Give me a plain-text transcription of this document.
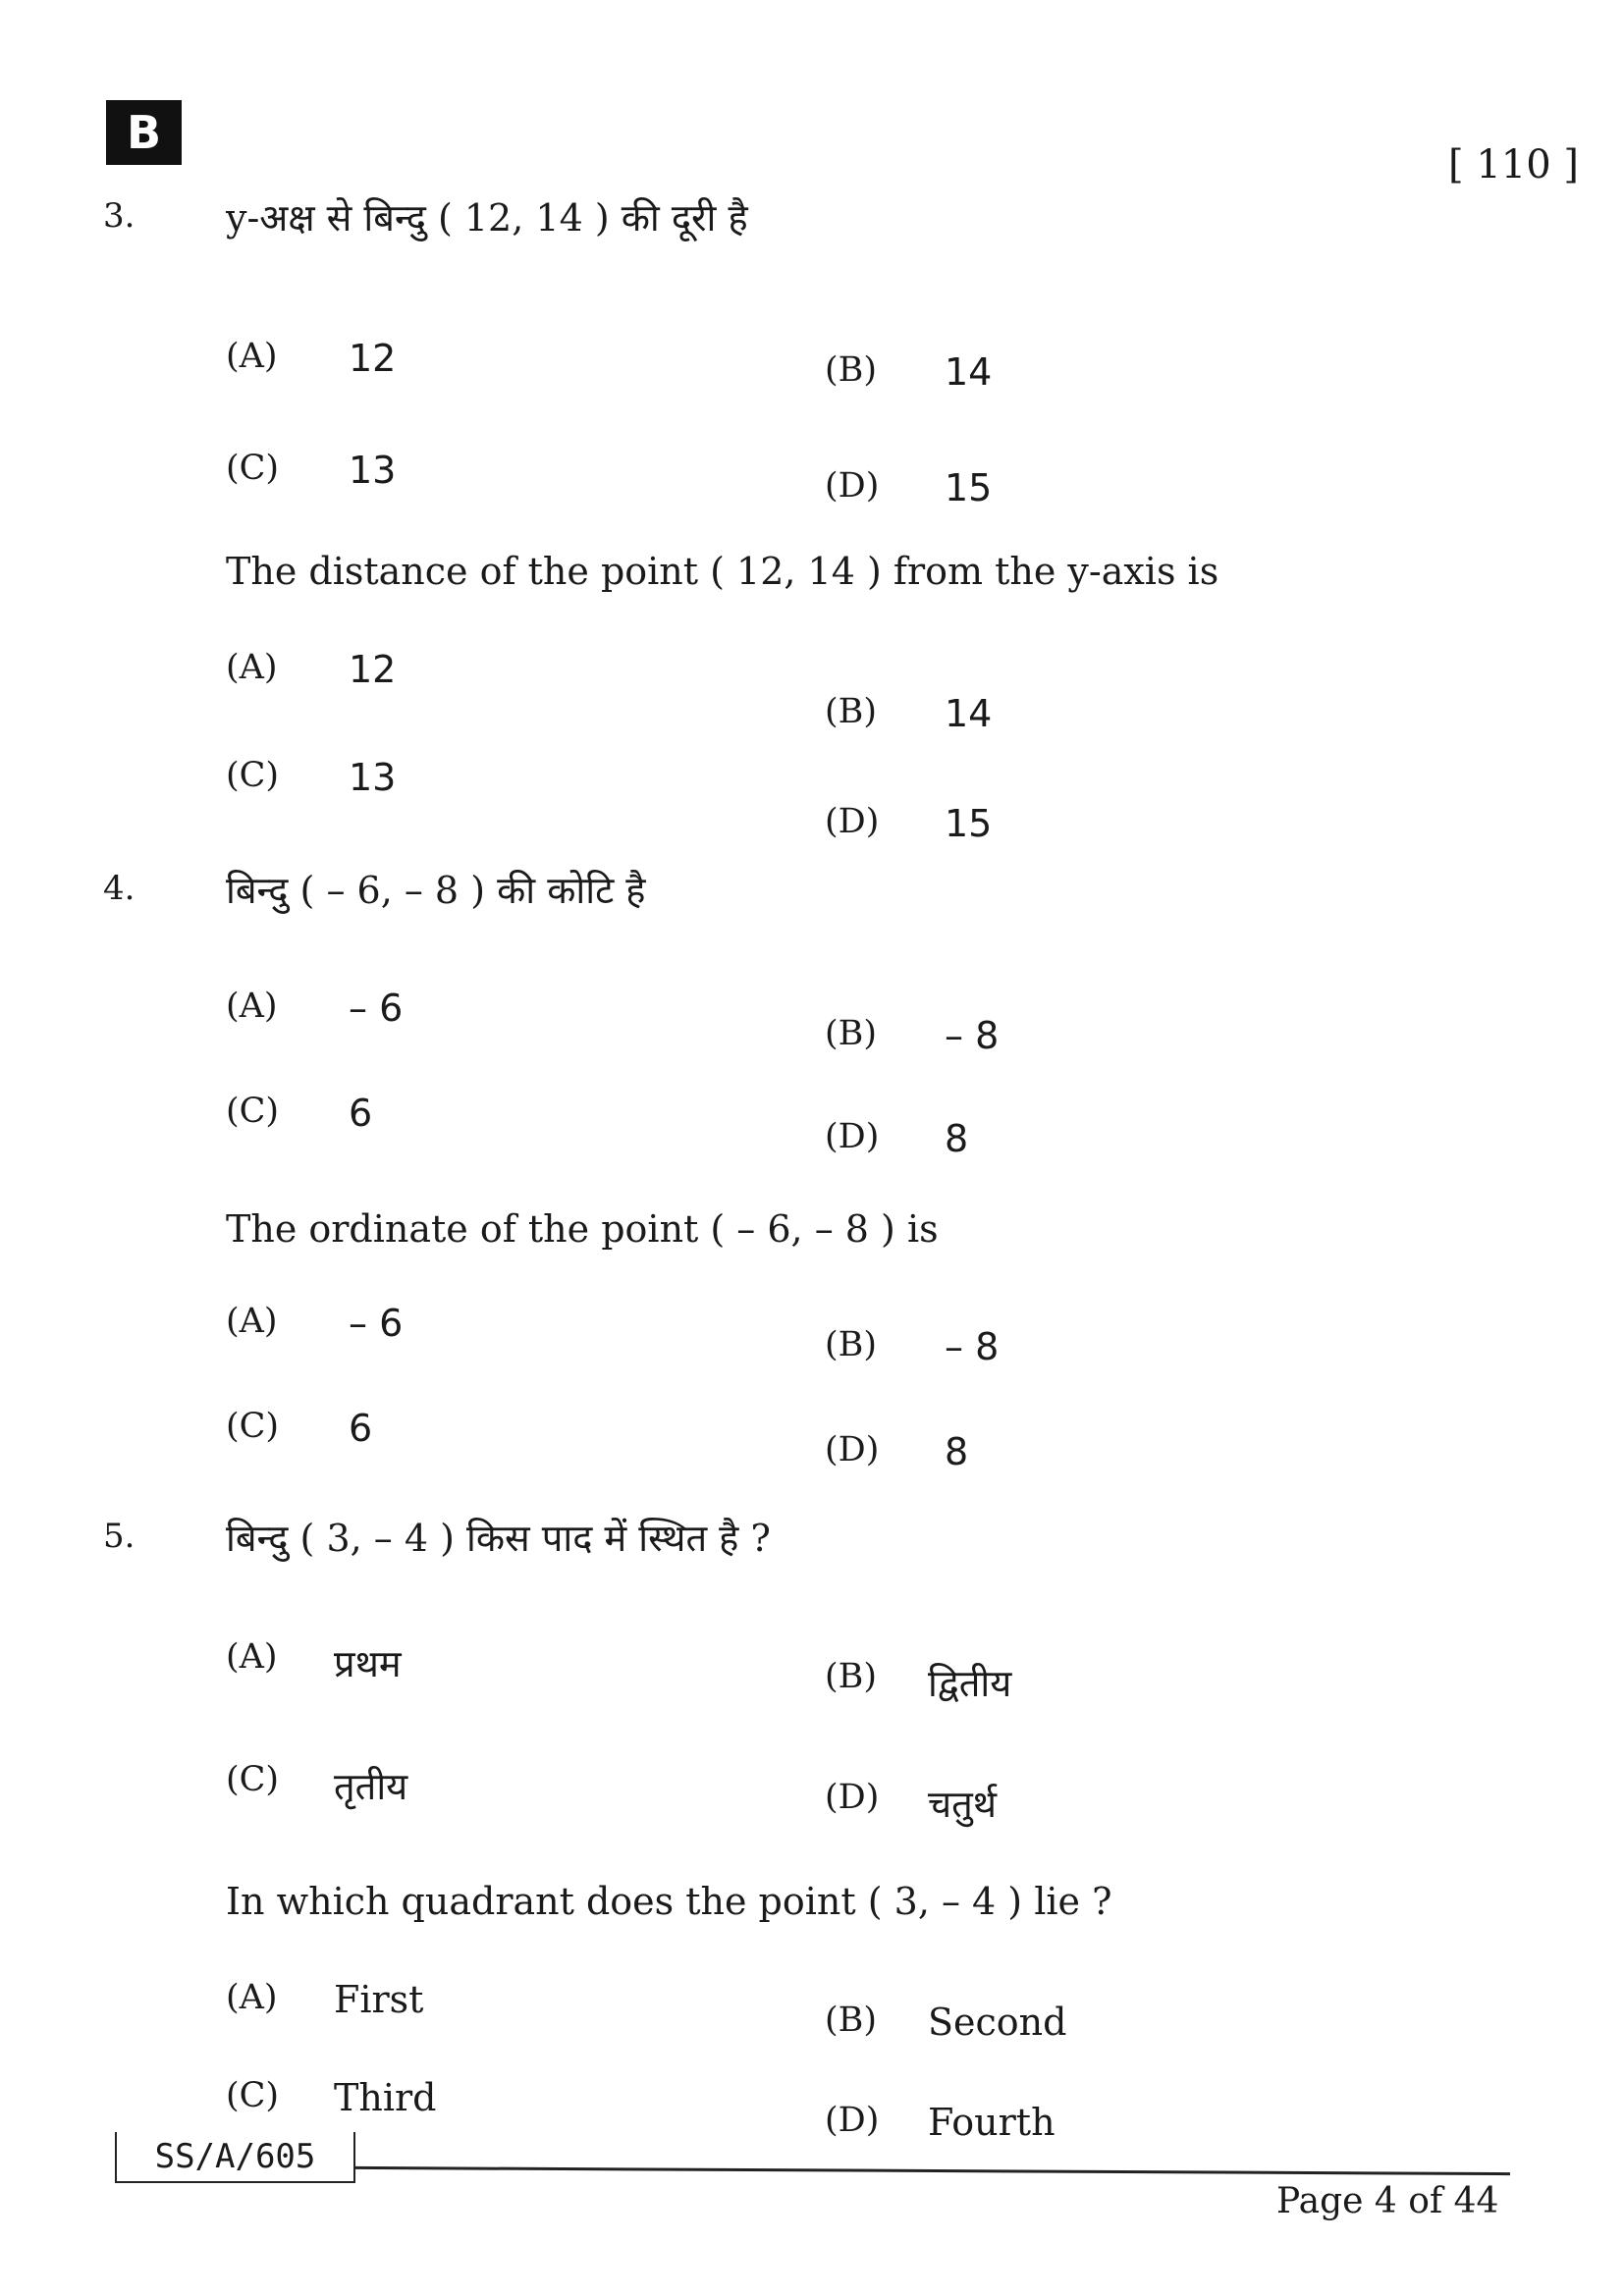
B
[ 110 ]
3. y-अक्ष से बिन्दु ( 12, 14 ) की दूरी है
The distance of the point ( 12, 14 ) from the y-axis is
(A) 12	(B) 14
(C) 13	(D) 15
(A) 12
(B) 14
(C) 13
(D) 15
4. बिन्दु ( – 6, – 8 ) की कोटि है
The ordinate of the point ( – 6, – 8 ) is
(A) – 6
(B) – 8
(C) 6
(D) 8
(A) – 6	(B) – 8
(C) 6	(D) 8
5. बिन्दु ( 3, – 4 ) किस पाद में स्थित है ?
In which quadrant does the point ( 3, – 4 ) lie ?
(A) प्रथम	(B) द्वितीय
(C) तृतीय	(D) चतुर्थ
(A) First	(B) Second
(C) Third
(D) Fourth
SS/A/605
Page 4 of 44
